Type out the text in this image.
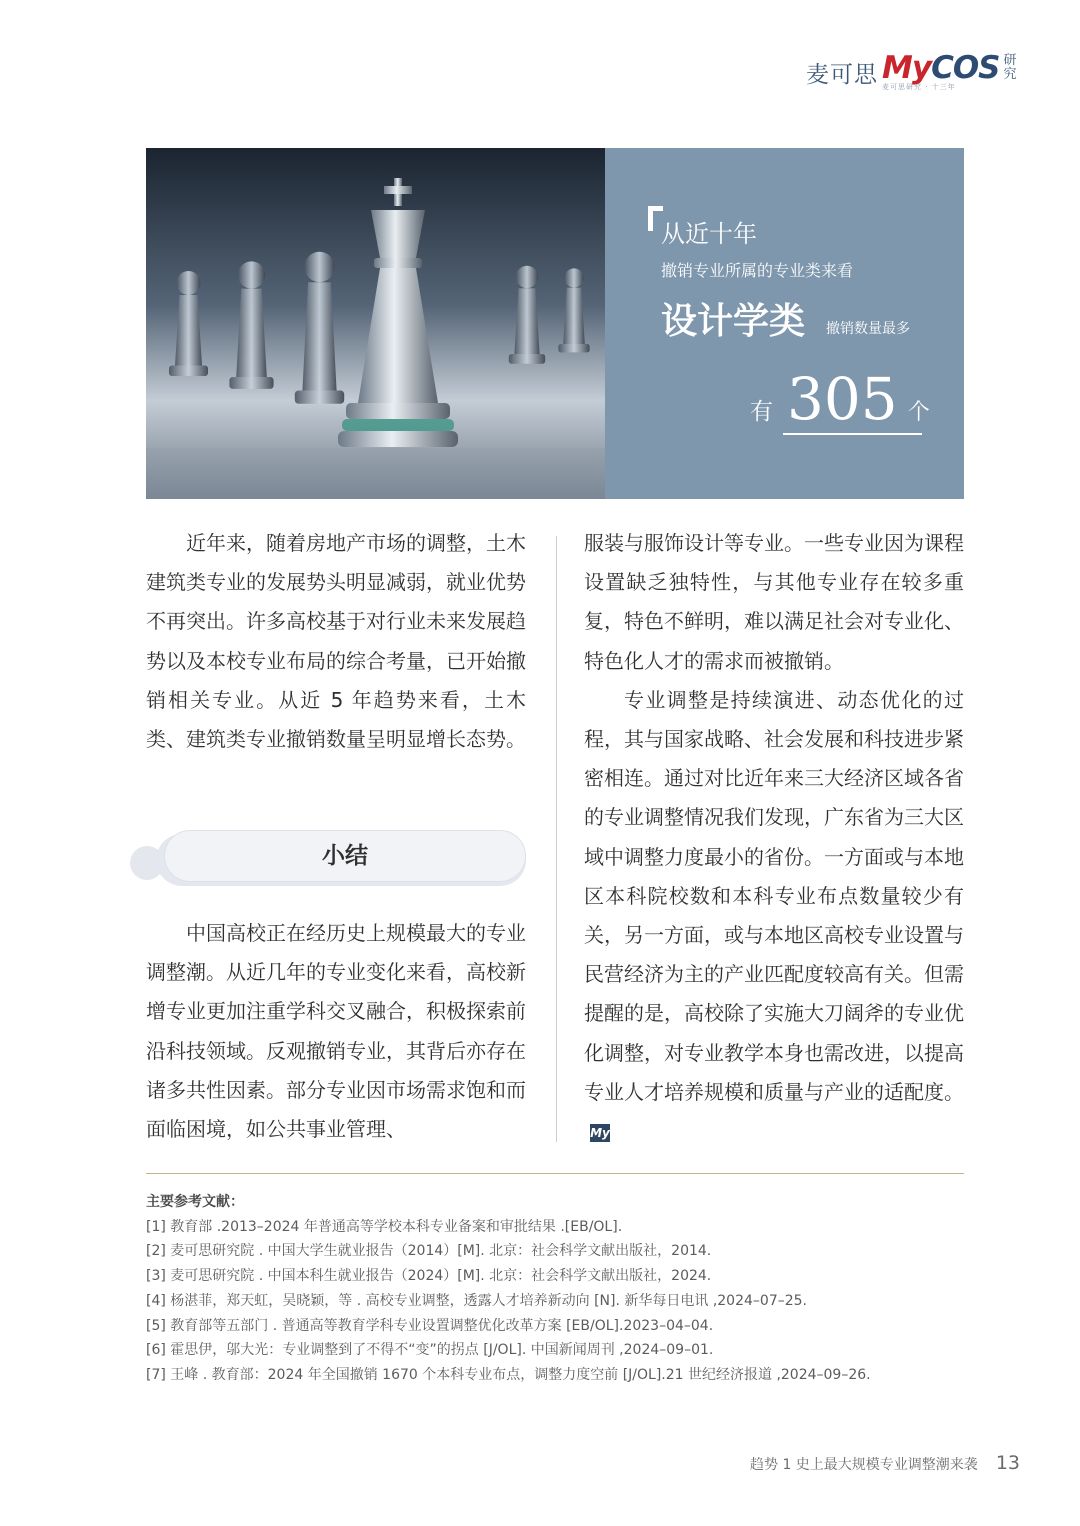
麦可思 MyCOS
麦可思研究 · 十三年
研究
从近十年
撤销专业所属的专业类来看
设计学类 撤销数量最多
有 305 个

近年来，随着房地产市场的调整，土木建筑类专业的发展势头明显减弱，就业优势不再突出。许多高校基于对行业未来发展趋势以及本校专业布局的综合考量，已开始撤销相关专业。从近 5 年趋势来看，土木类、建筑类专业撤销数量呈明显增长态势。

小结

中国高校正在经历史上规模最大的专业调整潮。从近几年的专业变化来看，高校新增专业更加注重学科交叉融合，积极探索前沿科技领域。反观撤销专业，其背后亦存在诸多共性因素。部分专业因市场需求饱和而面临困境，如公共事业管理、

服装与服饰设计等专业。一些专业因为课程设置缺乏独特性，与其他专业存在较多重复，特色不鲜明，难以满足社会对专业化、特色化人才的需求而被撤销。

专业调整是持续演进、动态优化的过程，其与国家战略、社会发展和科技进步紧密相连。通过对比近年来三大经济区域各省的专业调整情况我们发现，广东省为三大区域中调整力度最小的省份。一方面或与本地区本科院校数和本科专业布点数量较少有关，另一方面，或与本地区高校专业设置与民营经济为主的产业匹配度较高有关。但需提醒的是，高校除了实施大刀阔斧的专业优化调整，对专业教学本身也需改进，以提高专业人才培养规模和质量与产业的适配度。My

主要参考文献：
[1] 教育部 .2013–2024 年普通高等学校本科专业备案和审批结果 .[EB/OL].
[2] 麦可思研究院 . 中国大学生就业报告（2014）[M]. 北京：社会科学文献出版社，2014.
[3] 麦可思研究院 . 中国本科生就业报告（2024）[M]. 北京：社会科学文献出版社，2024.
[4] 杨湛菲，郑天虹，吴晓颖，等 . 高校专业调整，透露人才培养新动向 [N]. 新华每日电讯 ,2024–07–25.
[5] 教育部等五部门 . 普通高等教育学科专业设置调整优化改革方案 [EB/OL].2023–04–04.
[6] 霍思伊，邬大光：专业调整到了不得不“变”的拐点 [J/OL]. 中国新闻周刊 ,2024–09–01.
[7] 王峰 . 教育部：2024 年全国撤销 1670 个本科专业布点，调整力度空前 [J/OL].21 世纪经济报道 ,2024–09–26.
趋势 1 史上最大规模专业调整潮来袭 13
